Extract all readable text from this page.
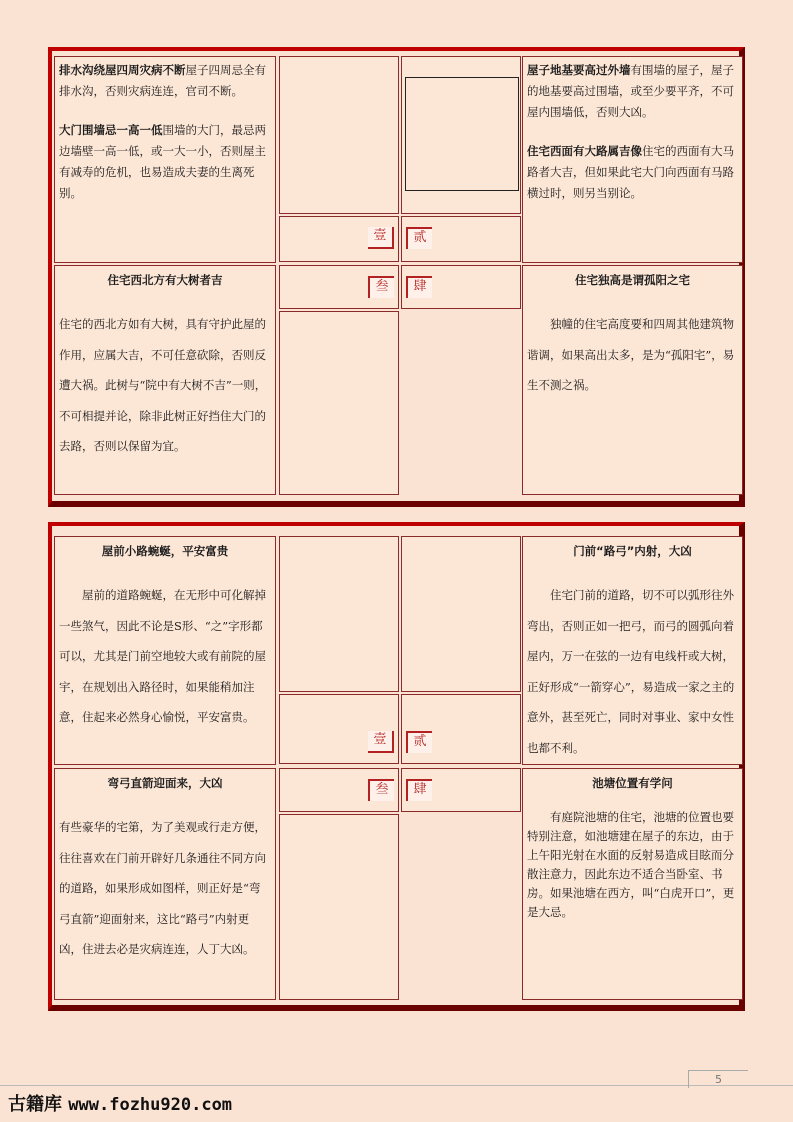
排水沟绕屋四周灾病不断屋子四周忌全有排水沟，否则灾病连连，官司不断。

大门围墙忌一高一低围墙的大门，最忌两边墙壁一高一低，或一大一小，否则屋主有减寿的危机，也易造成夫妻的生离死别。

壹	贰

屋子地基要高过外墙有围墙的屋子，屋子的地基要高过围墙，或至少要平齐，不可屋内围墙低，否则大凶。

住宅西面有大路属吉像住宅的西面有大马路者大吉，但如果此宅大门向西面有马路横过时，则另当别论。

住宅西北方有大树者吉

住宅的西北方如有大树，具有守护此屋的作用，应属大吉，不可任意砍除，否则反遭大祸。此树与“院中有大树不吉”一则，不可相提并论，除非此树正好挡住大门的去路，否则以保留为宜。

叁	肆	住宅独高是谓孤阳之宅

独幢的住宅高度要和四周其他建筑物谐调，如果高出太多，是为“孤阳宅”，易生不测之祸。

屋前小路蜿蜒，平安富贵

屋前的道路蜿蜒，在无形中可化解掉一些煞气，因此不论是S形、“之”字形都可以，尤其是门前空地较大或有前院的屋宇，在规划出入路径时，如果能稍加注意，住起来必然身心愉悦，平安富贵。

壹	贰
门前“路弓”内射，大凶

住宅门前的道路，切不可以弧形往外弯出，否则正如一把弓，而弓的圆弧向着屋内，万一在弦的一边有电线杆或大树，正好形成“一箭穿心”，易造成一家之主的意外，甚至死亡，同时对事业、家中女性也都不利。

弯弓直箭迎面来，大凶

有些豪华的宅第，为了美观或行走方便，往往喜欢在门前开辟好几条通往不同方向的道路，如果形成如图样，则正好是“弯弓直箭”迎面射来，这比“路弓”内射更凶，住进去必是灾病连连，人丁大凶。

叁	肆	池塘位置有学问

有庭院池塘的住宅，池塘的位置也要特别注意，如池塘建在屋子的东边，由于上午阳光射在水面的反射易造成目眩而分散注意力，因此东边不适合当卧室、书房。如果池塘在西方，叫“白虎开口”，更是大忌。

5
古籍库 www.fozhu920.com
